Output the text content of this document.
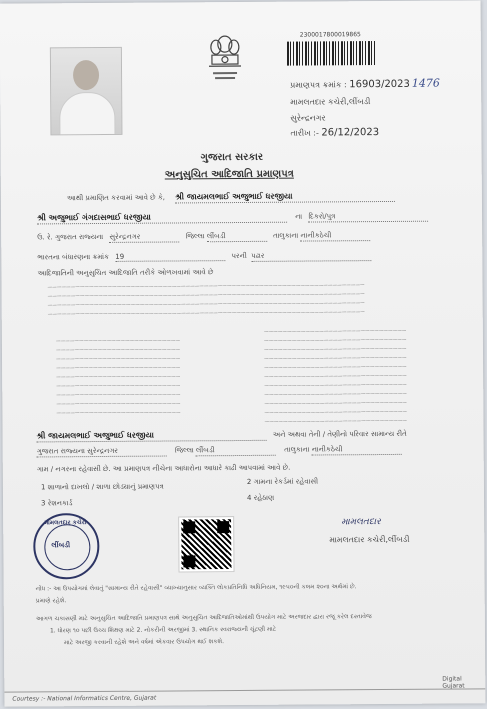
2300017800019865
પ્રમાણપત્ર ક્રમાંક : 16903/2023 1476
મામલતદાર કચેરી,લીંબડી
સુરેન્દ્રનગર
તારીખ :- 26/12/2023
ગુજરાત સરકાર
અનુસુચિત આદિજાતિ પ્રમાણપત્ર
આથી પ્રમાણિત કરવામાં આવે છે કે, શ્રી જાયમલભાઈ અજુભાઈ ધરજીયા
શ્રી અજુભાઈ ગંગદાસભાઈ ધરજીયા	ના દિકરો/પુત્ર
ઉ. રે. ગુજરાત રાજ્યના સુરેન્દ્રનગર	જિલ્લા લીંબડી	તાલુકાના નાનીકઠેચી
ભારતના બંધારણના ક્રમાંક 19	પરની પઢાર
આદિજાતિની અનુસુચિત આદિજાતિ તરીકે ઓળખવામાં આવે છે
—————————————————————————————————————————————————————————————————————
—————————————————————————————————————————————————————————————————————
—————————————————————————————————————————————————————————————————————
—————————————————————————————————————————————————————————————————————
———————————————————————————
———————————————————————————
———————————————————————————
———————————————————————————
———————————————————————————
———————————————————————————
———————————————————————————
———————————————————————————
———————————————————————————
———————————————————————————————
———————————————————————————————
———————————————————————————————
———————————————————————————————
———————————————————————————————
———————————————————————————————
———————————————————————————————
———————————————————————————————
———————————————————————————————
———————————————————————————————
———————————————————————————————
શ્રી જાયમલભાઈ અજુભાઈ ધરજીયા	અને અથવા તેની / તેણીનો પરિવાર સામાન્ય રીતે
ગુજરાત રાજ્યના સુરેન્દ્રનગર	જિલ્લા લીંબડી	તાલુકાના નાનીકઠેચી
ગામ / નગરના રહેવાસી છે. આ પ્રમાણપત્ર નીચેના આધારોના આધારે કાઢી આપવામાં આવે છે.
1 શાળાનો દાખલો / શાળા છોડ્યાનું પ્રમાણપત્ર
2 ગામના રેકર્ડમાં રહેવાસી
3 રેશનકાર્ડ
4 રહેઠાણ
મામલતદાર કચેરી
લીંબડી
મામલતદાર
મામલતદાર કચેરી,લીંબડી
નોંધ :- આ ઉપયોગમાં લેવાતું "સામાન્ય રીતે રહેવાસી" વ્યાખ્યાનુસાર વ્યક્તિ લોકપ્રતિનિધિ અધિનિયમ, ૧૯૫૦ની કલમ ૨૦ના અર્થમાં છે.
પ્રમાણે રહેશે.
આગળ ચકાસણી માટે અનુસુચિત આદિજાતિ પ્રમાણપત્ર સાથે અનુસુચિત આદિજાતિઓમાંથી ઉપયોગ માટે અરજદાર દ્વારા રજૂ કરેલ દસ્તાવેજ
1. ધોરણ ૧૦ પછી ઉચ્ચ શિક્ષણ માટે 2. નોકરીની અરજીમાં 3. સ્થાનિક સ્વરાજ્યની ચૂંટણી માટે
માટે અરજી કરવાની રહેશે અને વર્ષમાં એકવાર ઉપયોગ થઈ શકશે.
Digital Gujarat
Courtesy :- National Informatics Centre, Gujarat
